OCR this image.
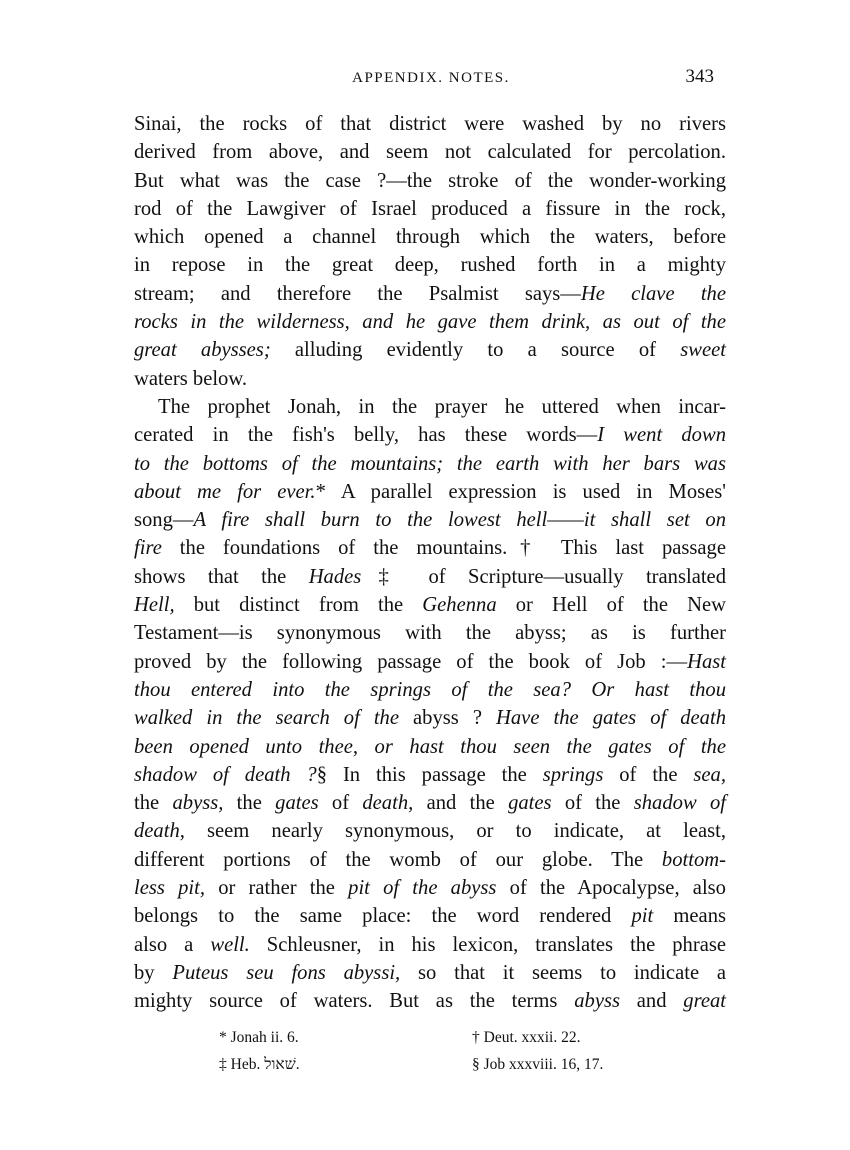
APPENDIX. NOTES.	343
Sinai, the rocks of that district were washed by no rivers
derived from above, and seem not calculated for percolation.
But what was the case ?—the stroke of the wonder-working
rod of the Lawgiver of Israel produced a fissure in the rock,
which opened a channel through which the waters, before
in repose in the great deep, rushed forth in a mighty
stream; and therefore the Psalmist says—He clave the
rocks in the wilderness, and he gave them drink, as out of the
great abysses; alluding evidently to a source of sweet
waters below.
The prophet Jonah, in the prayer he uttered when incar-
cerated in the fish's belly, has these words—I went down
to the bottoms of the mountains; the earth with her bars was
about me for ever.* A parallel expression is used in Moses'
song—A fire shall burn to the lowest hell——it shall set on
fire the foundations of the mountains.† This last passage
shows that the Hades‡ of Scripture—usually translated
Hell, but distinct from the Gehenna or Hell of the New
Testament—is synonymous with the abyss; as is further
proved by the following passage of the book of Job :—Hast
thou entered into the springs of the sea? Or hast thou
walked in the search of the abyss ? Have the gates of death
been opened unto thee, or hast thou seen the gates of the
shadow of death ?§ In this passage the springs of the sea,
the abyss, the gates of death, and the gates of the shadow of
death, seem nearly synonymous, or to indicate, at least,
different portions of the womb of our globe. The bottom-
less pit, or rather the pit of the abyss of the Apocalypse, also
belongs to the same place: the word rendered pit means
also a well. Schleusner, in his lexicon, translates the phrase
by Puteus seu fons abyssi, so that it seems to indicate a
mighty source of waters. But as the terms abyss and great
* Jonah ii. 6.	† Deut. xxxii. 22.
‡ Heb. שׁאול.	§ Job xxxviii. 16, 17.
